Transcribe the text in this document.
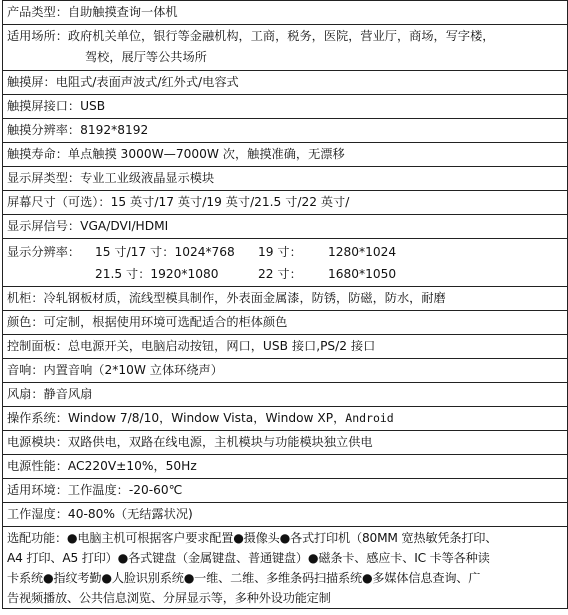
产品类型：自助触摸查询一体机
适用场所：政府机关单位，银行等金融机构，工商，税务，医院，营业厅，商场，写字楼，
驾校，展厅等公共场所
触摸屏：电阻式/表面声波式/红外式/电容式
触摸屏接口：USB
触摸分辨率：8192*8192
触摸寿命：单点触摸 3000W—7000W 次，触摸准确，无漂移
显示屏类型：专业工业级液晶显示模块
屏幕尺寸（可选）：15 英寸/17 英寸/19 英寸/21.5 寸/22 英寸/
显示屏信号：VGA/DVI/HDMI
显示分辨率：	15 寸/17 寸：1024*768	19 寸：	1280*1024
21.5 寸：1920*1080	22 寸：	1680*1050
机柜：冷轧钢板材质，流线型模具制作，外表面金属漆，防锈，防磁，防水，耐磨
颜色：可定制，根据使用环境可选配适合的柜体颜色
控制面板：总电源开关，电脑启动按钮，网口，USB 接口,PS/2 接口
音响：内置音响（2*10W 立体环绕声）
风扇：静音风扇
操作系统： Window 7/8/10，Window Vista，Window XP， Android
电源模块：双路供电，双路在线电源，主机模块与功能模块独立供电
电源性能：AC220V±10%，50Hz
适用环境：工作温度：-20-60℃
工作湿度：40-80%（无结露状况)
选配功能：●电脑主机可根据客户要求配置●摄像头●各式打印机（80MM 宽热敏凭条打印、
A4 打印、A5 打印）●各式键盘（金属键盘、普通键盘）●磁条卡、感应卡、IC 卡等各种读
卡系统●指纹考勤●人脸识别系统●一维、二维、多维条码扫描系统●多媒体信息查询、广
告视频播放、公共信息浏览、分屏显示等，多种外设功能定制
